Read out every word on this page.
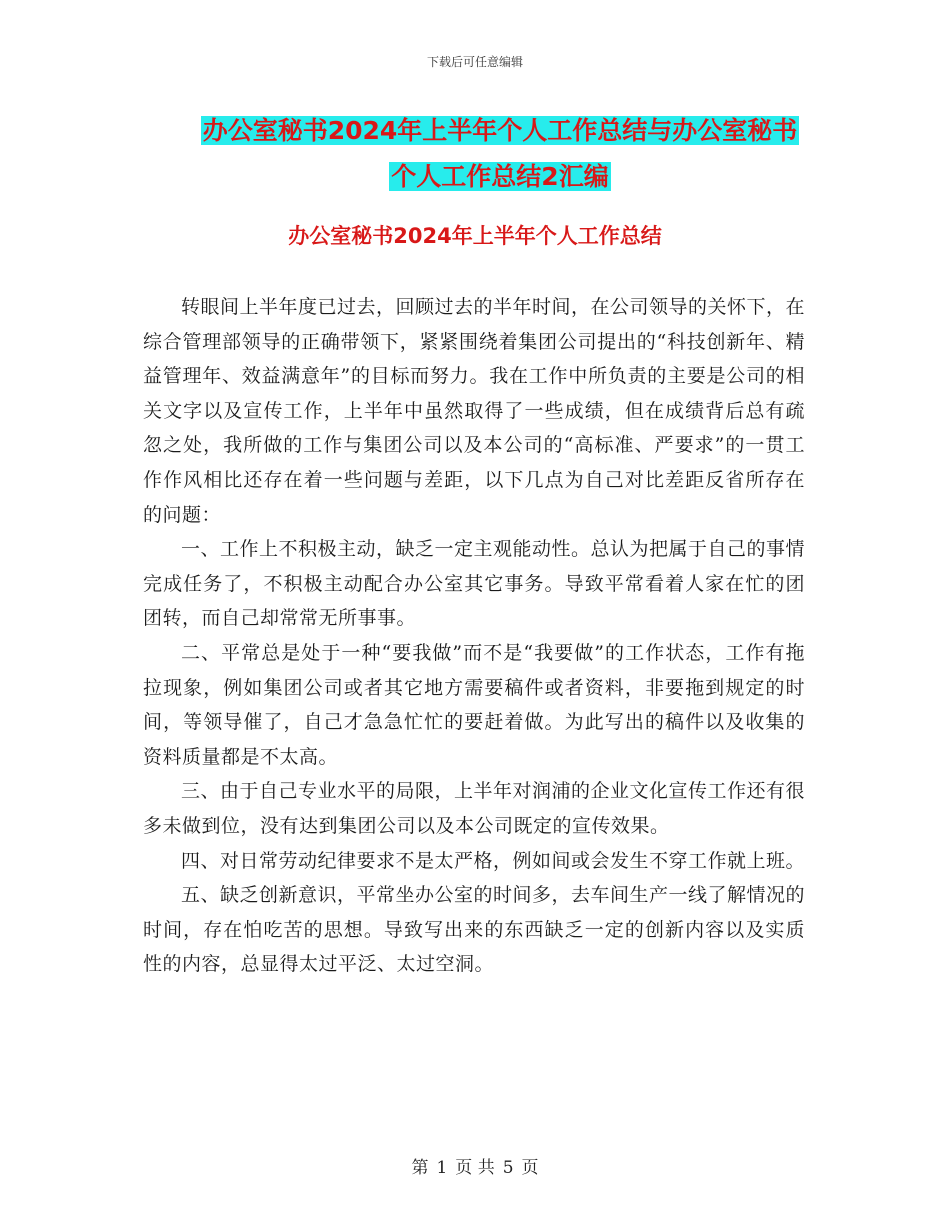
下载后可任意编辑
办公室秘书2024年上半年个人工作总结与办公室秘书
个人工作总结2汇编
办公室秘书2024年上半年个人工作总结

转眼间上半年度已过去，回顾过去的半年时间，在公司领导的关怀下，在综合管理部领导的正确带领下，紧紧围绕着集团公司提出的“科技创新年、精益管理年、效益满意年”的目标而努力。我在工作中所负责的主要是公司的相关文字以及宣传工作，上半年中虽然取得了一些成绩，但在成绩背后总有疏忽之处，我所做的工作与集团公司以及本公司的“高标准、严要求”的一贯工作作风相比还存在着一些问题与差距，以下几点为自己对比差距反省所存在的问题：

一、工作上不积极主动，缺乏一定主观能动性。总认为把属于自己的事情完成任务了，不积极主动配合办公室其它事务。导致平常看着人家在忙的团团转，而自己却常常无所事事。

二、平常总是处于一种“要我做”而不是“我要做”的工作状态，工作有拖拉现象，例如集团公司或者其它地方需要稿件或者资料，非要拖到规定的时间，等领导催了，自己才急急忙忙的要赶着做。为此写出的稿件以及收集的资料质量都是不太高。

三、由于自己专业水平的局限，上半年对润浦的企业文化宣传工作还有很多未做到位，没有达到集团公司以及本公司既定的宣传效果。

四、对日常劳动纪律要求不是太严格，例如间或会发生不穿工作就上班。

五、缺乏创新意识，平常坐办公室的时间多，去车间生产一线了解情况的时间，存在怕吃苦的思想。导致写出来的东西缺乏一定的创新内容以及实质性的内容，总显得太过平泛、太过空洞。

第 1 页 共 5 页
